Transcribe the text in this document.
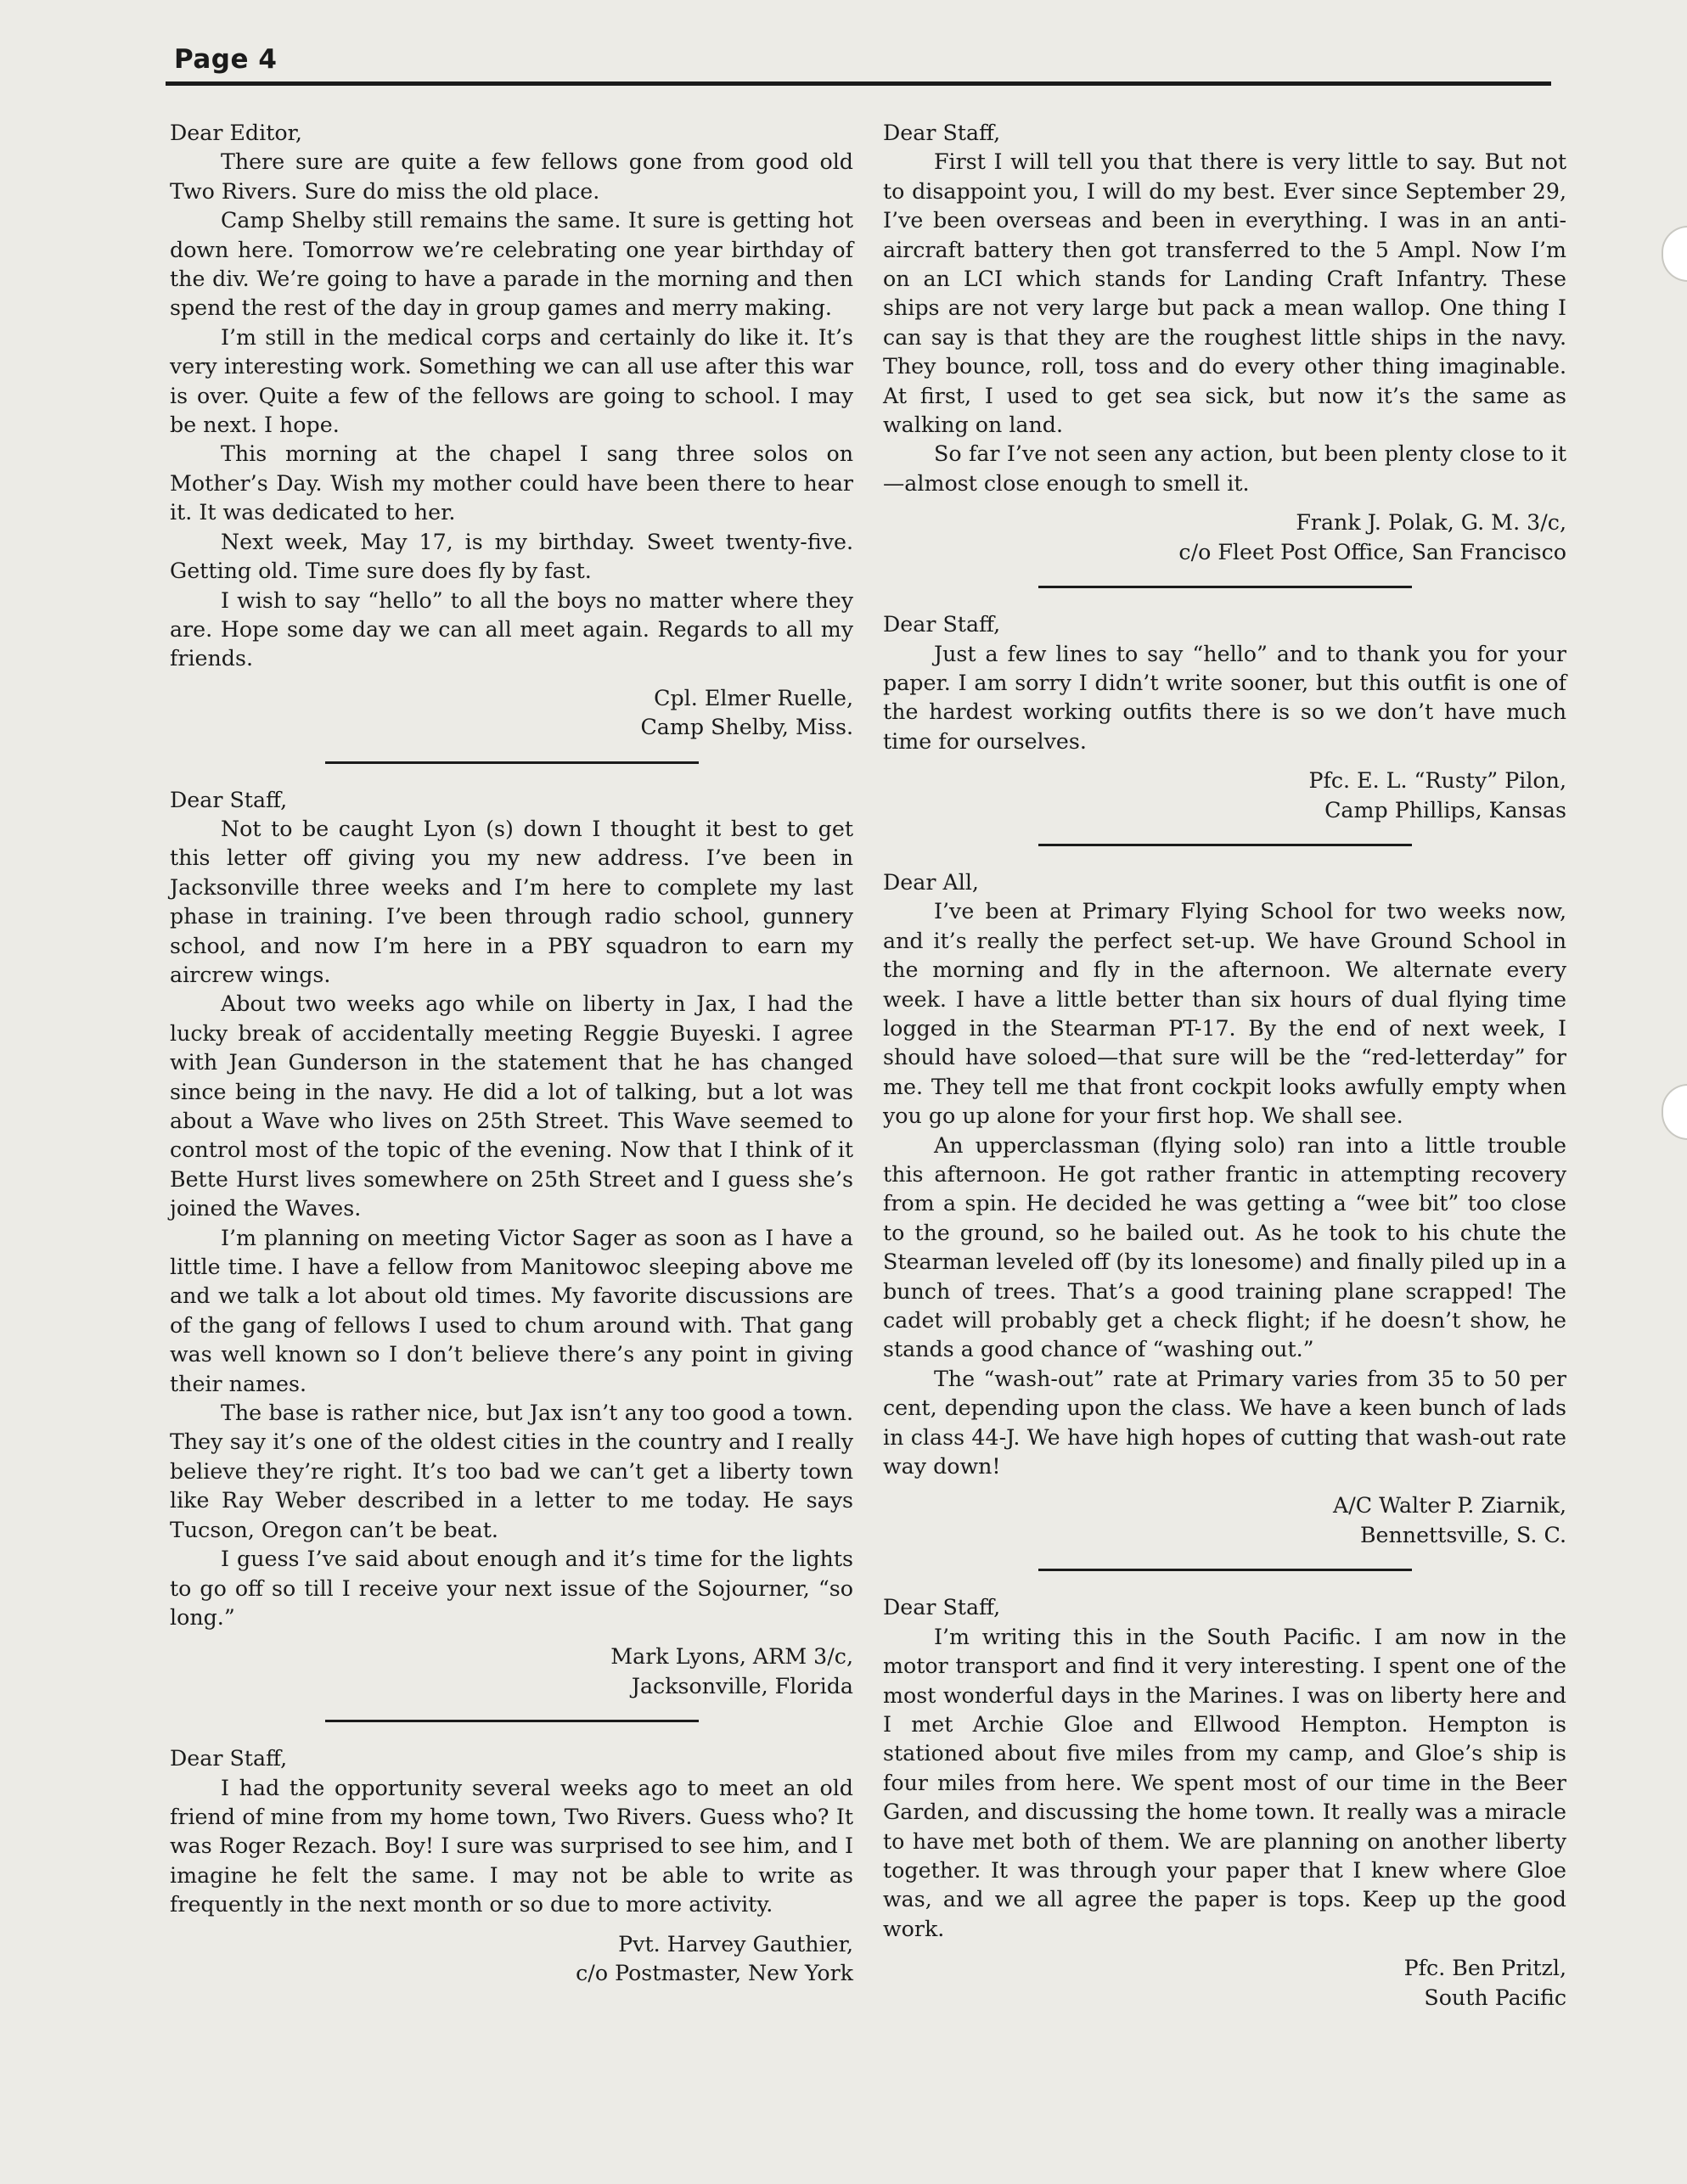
Page 4

Dear Editor,

There sure are quite a few fellows gone from good old Two Rivers. Sure do miss the old place.

Camp Shelby still remains the same. It sure is getting hot down here. Tomorrow we’re celebrating one year birthday of the div. We’re going to have a parade in the morning and then spend the rest of the day in group games and merry making.

I’m still in the medical corps and certainly do like it. It’s very interesting work. Something we can all use after this war is over. Quite a few of the fellows are going to school. I may be next. I hope.

This morning at the chapel I sang three solos on Mother’s Day. Wish my mother could have been there to hear it. It was dedicated to her.

Next week, May 17, is my birthday. Sweet twenty-five. Getting old. Time sure does fly by fast.

I wish to say “hello” to all the boys no matter where they are. Hope some day we can all meet again. Regards to all my friends.

Cpl. Elmer Ruelle,

Camp Shelby, Miss.

Dear Staff,

Not to be caught Lyon (s) down I thought it best to get this letter off giving you my new address. I’ve been in Jacksonville three weeks and I’m here to complete my last phase in training. I’ve been through radio school, gunnery school, and now I’m here in a PBY squadron to earn my aircrew wings.

About two weeks ago while on liberty in Jax, I had the lucky break of accidentally meeting Reggie Buyeski. I agree with Jean Gunderson in the statement that he has changed since being in the navy. He did a lot of talking, but a lot was about a Wave who lives on 25th Street. This Wave seemed to control most of the topic of the evening. Now that I think of it Bette Hurst lives somewhere on 25th Street and I guess she’s joined the Waves.

I’m planning on meeting Victor Sager as soon as I have a little time. I have a fellow from Manitowoc sleeping above me and we talk a lot about old times. My favorite discussions are of the gang of fellows I used to chum around with. That gang was well known so I don’t believe there’s any point in giving their names.

The base is rather nice, but Jax isn’t any too good a town. They say it’s one of the oldest cities in the country and I really believe they’re right. It’s too bad we can’t get a liberty town like Ray Weber described in a letter to me today. He says Tucson, Oregon can’t be beat.

I guess I’ve said about enough and it’s time for the lights to go off so till I receive your next issue of the Sojourner, “so long.”

Mark Lyons, ARM 3/c,

Jacksonville, Florida

Dear Staff,

I had the opportunity several weeks ago to meet an old friend of mine from my home town, Two Rivers. Guess who? It was Roger Rezach. Boy! I sure was surprised to see him, and I imagine he felt the same. I may not be able to write as frequently in the next month or so due to more activity.

Pvt. Harvey Gauthier,

c/o Postmaster, New York

Dear Staff,

First I will tell you that there is very little to say. But not to disappoint you, I will do my best. Ever since September 29, I’ve been overseas and been in everything. I was in an anti-aircraft battery then got transferred to the 5 Ampl. Now I’m on an LCI which stands for Landing Craft Infantry. These ships are not very large but pack a mean wallop. One thing I can say is that they are the roughest little ships in the navy. They bounce, roll, toss and do every other thing imaginable. At first, I used to get sea sick, but now it’s the same as walking on land.

So far I’ve not seen any action, but been plenty close to it—almost close enough to smell it.

Frank J. Polak, G. M. 3/c,

c/o Fleet Post Office, San Francisco

Dear Staff,

Just a few lines to say “hello” and to thank you for your paper. I am sorry I didn’t write sooner, but this outfit is one of the hardest working outfits there is so we don’t have much time for ourselves.

Pfc. E. L. “Rusty” Pilon,

Camp Phillips, Kansas

Dear All,

I’ve been at Primary Flying School for two weeks now, and it’s really the perfect set-up. We have Ground School in the morning and fly in the afternoon. We alternate every week. I have a little better than six hours of dual flying time logged in the Stearman PT-17. By the end of next week, I should have soloed—that sure will be the “red-letterday” for me. They tell me that front cockpit looks awfully empty when you go up alone for your first hop. We shall see.

An upperclassman (flying solo) ran into a little trouble this afternoon. He got rather frantic in attempting recovery from a spin. He decided he was getting a “wee bit” too close to the ground, so he bailed out. As he took to his chute the Stearman leveled off (by its lonesome) and finally piled up in a bunch of trees. That’s a good training plane scrapped! The cadet will probably get a check flight; if he doesn’t show, he stands a good chance of “washing out.”

The “wash-out” rate at Primary varies from 35 to 50 per cent, depending upon the class. We have a keen bunch of lads in class 44-J. We have high hopes of cutting that wash-out rate way down!

A/C Walter P. Ziarnik,

Bennettsville, S. C.

Dear Staff,

I’m writing this in the South Pacific. I am now in the motor transport and find it very interesting. I spent one of the most wonderful days in the Marines. I was on liberty here and I met Archie Gloe and Ellwood Hempton. Hempton is stationed about five miles from my camp, and Gloe’s ship is four miles from here. We spent most of our time in the Beer Garden, and discussing the home town. It really was a miracle to have met both of them. We are planning on another liberty together. It was through your paper that I knew where Gloe was, and we all agree the paper is tops. Keep up the good work.

Pfc. Ben Pritzl,

South Pacific
